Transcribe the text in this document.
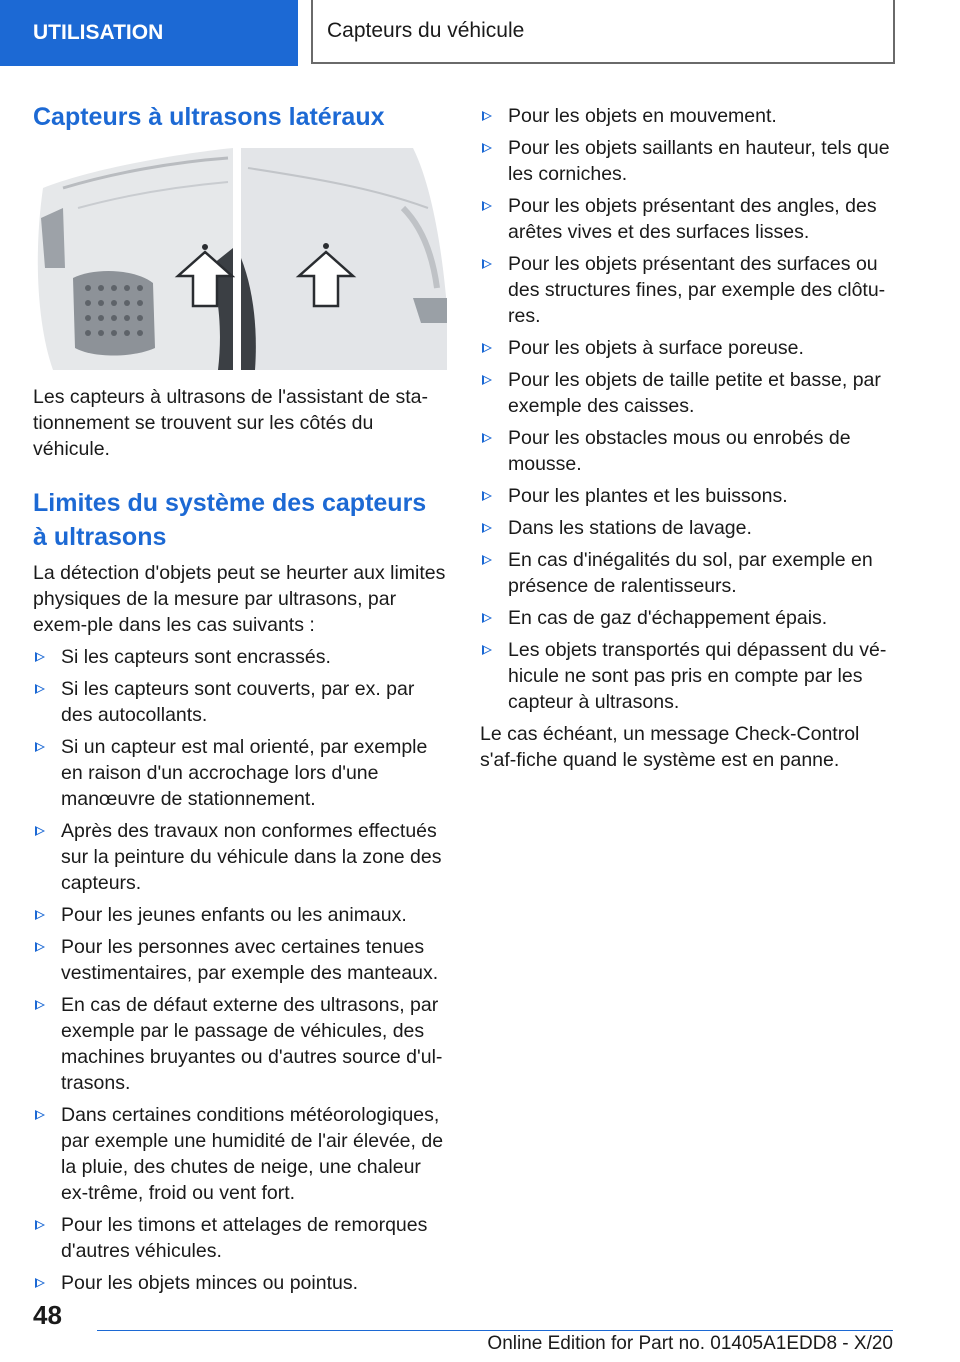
UTILISATION	Capteurs du véhicule
Capteurs à ultrasons latéraux

Les capteurs à ultrasons de l'assistant de sta-tionnement se trouvent sur les côtés du véhicule.

Limites du système des capteurs à ultrasons

La détection d'objets peut se heurter aux limites physiques de la mesure par ultrasons, par exem-ple dans les cas suivants :

Si les capteurs sont encrassés.
Si les capteurs sont couverts, par ex. par des autocollants.
Si un capteur est mal orienté, par exemple en raison d'un accrochage lors d'une manœuvre de stationnement.
Après des travaux non conformes effectués sur la peinture du véhicule dans la zone des capteurs.
Pour les jeunes enfants ou les animaux.
Pour les personnes avec certaines tenues vestimentaires, par exemple des manteaux.
En cas de défaut externe des ultrasons, par exemple par le passage de véhicules, des machines bruyantes ou d'autres source d'ul-trasons.
Dans certaines conditions météorologiques, par exemple une humidité de l'air élevée, de la pluie, des chutes de neige, une chaleur ex-trême, froid ou vent fort.
Pour les timons et attelages de remorques d'autres véhicules.
Pour les objets minces ou pointus.
Pour les objets en mouvement.
Pour les objets saillants en hauteur, tels que les corniches.
Pour les objets présentant des angles, des arêtes vives et des surfaces lisses.
Pour les objets présentant des surfaces ou des structures fines, par exemple des clôtu-res.
Pour les objets à surface poreuse.
Pour les objets de taille petite et basse, par exemple des caisses.
Pour les obstacles mous ou enrobés de mousse.
Pour les plantes et les buissons.
Dans les stations de lavage.
En cas d'inégalités du sol, par exemple en présence de ralentisseurs.
En cas de gaz d'échappement épais.
Les objets transportés qui dépassent du vé-hicule ne sont pas pris en compte par les capteur à ultrasons.

Le cas échéant, un message Check-Control s'af-fiche quand le système est en panne.

48
Online Edition for Part no. 01405A1EDD8 - X/20
